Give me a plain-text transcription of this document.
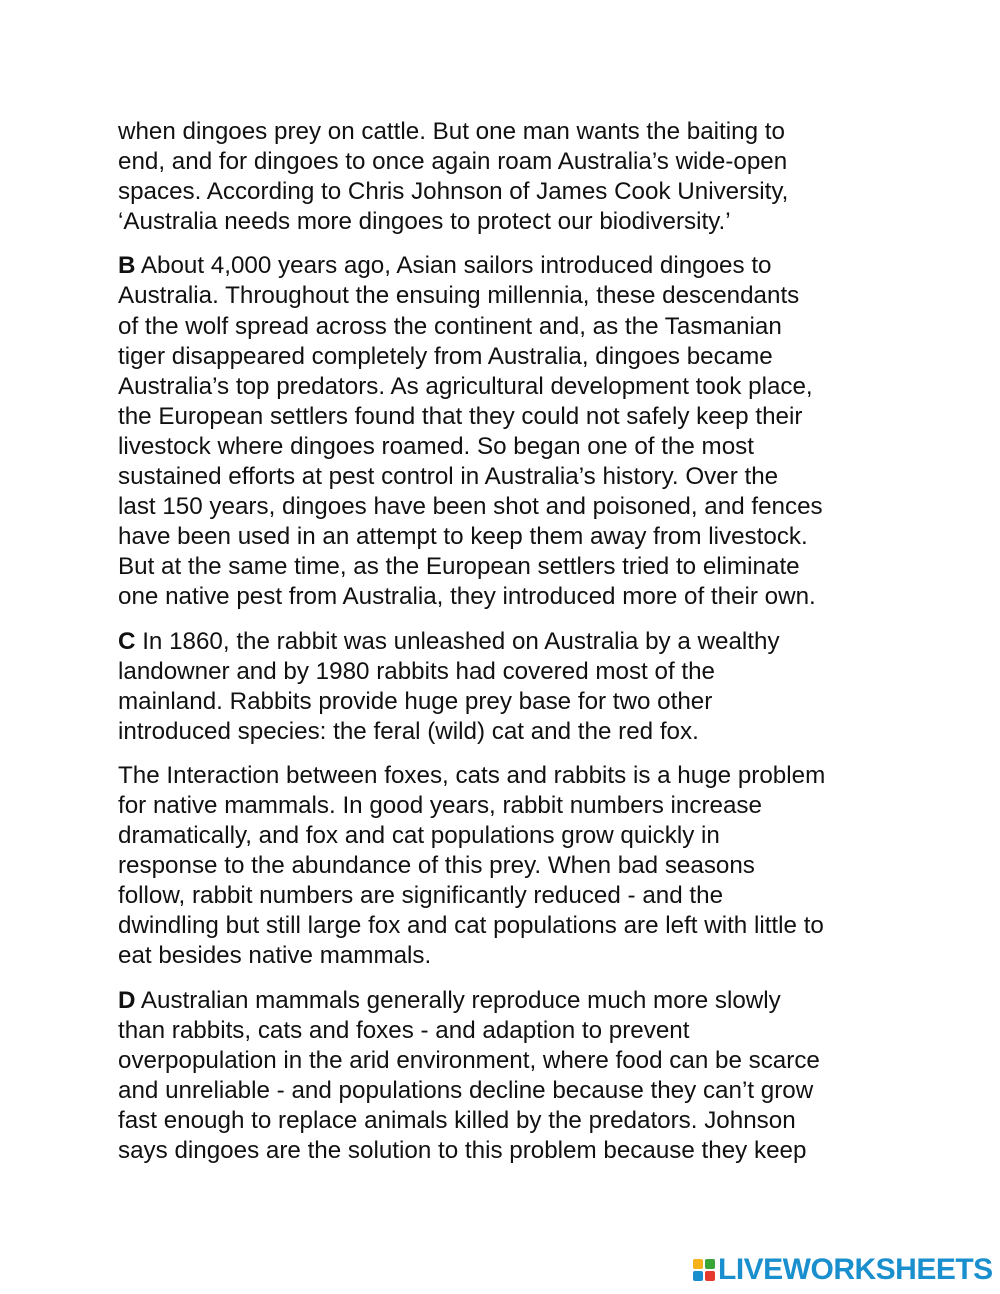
when dingoes prey on cattle. But one man wants the baiting to
end, and for dingoes to once again roam Australia’s wide-open
spaces. According to Chris Johnson of James Cook University,
‘Australia needs more dingoes to protect our biodiversity.’

B About 4,000 years ago, Asian sailors introduced dingoes to
Australia. Throughout the ensuing millennia, these descendants
of the wolf spread across the continent and, as the Tasmanian
tiger disappeared completely from Australia, dingoes became
Australia’s top predators. As agricultural development took place,
the European settlers found that they could not safely keep their
livestock where dingoes roamed. So began one of the most
sustained efforts at pest control in Australia’s history. Over the
last 150 years, dingoes have been shot and poisoned, and fences
have been used in an attempt to keep them away from livestock.
But at the same time, as the European settlers tried to eliminate
one native pest from Australia, they introduced more of their own.

C In 1860, the rabbit was unleashed on Australia by a wealthy
landowner and by 1980 rabbits had covered most of the
mainland. Rabbits provide huge prey base for two other
introduced species: the feral (wild) cat and the red fox.

The Interaction between foxes, cats and rabbits is a huge problem
for native mammals. In good years, rabbit numbers increase
dramatically, and fox and cat populations grow quickly in
response to the abundance of this prey. When bad seasons
follow, rabbit numbers are significantly reduced - and the
dwindling but still large fox and cat populations are left with little to
eat besides native mammals.

D Australian mammals generally reproduce much more slowly
than rabbits, cats and foxes - and adaption to prevent
overpopulation in the arid environment, where food can be scarce
and unreliable - and populations decline because they can’t grow
fast enough to replace animals killed by the predators. Johnson
says dingoes are the solution to this problem because they keep

LIVEWORKSHEETS
